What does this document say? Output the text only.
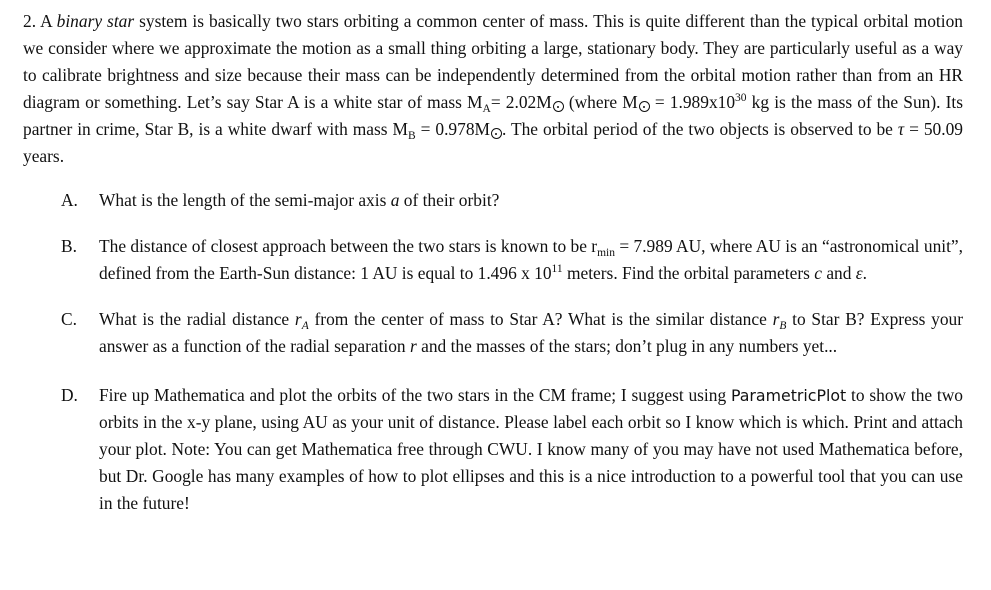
2. A binary star system is basically two stars orbiting a common center of mass. This is quite different than the typical orbital motion we consider where we approximate the motion as a small thing orbiting a large, stationary body. They are particularly useful as a way to calibrate brightness and size because their mass can be independently determined from the orbital motion rather than from an HR diagram or something. Let’s say Star A is a white star of mass $M_A= 2.02M$ (where $M = 1.989x10^{30}$ kg is the mass of the Sun). Its partner in crime, Star B, is a white dwarf with mass $M_B = 0.978M$ . The orbital period of the two objects is observed to be τ = 50.09 years.

A. What is the length of the semi-major axis a of their orbit?
B. The distance of closest approach between the two stars is known to be $r_{min} = 7.989$ AU, where AU is an “astronomical unit”, defined from the Earth-Sun distance: 1 AU is equal to 1.496 x $10^{11}$ meters. Find the orbital parameters c and ε.
C. What is the radial distance $r_A$ from the center of mass to Star A? What is the similar distance $r_B$ to Star B? Express your answer as a function of the radial separation r and the masses of the stars; don’t plug in any numbers yet...
D. Fire up Mathematica and plot the orbits of the two stars in the CM frame; I suggest using ParametricPlot to show the two orbits in the x-y plane, using AU as your unit of distance. Please label each orbit so I know which is which. Print and attach your plot. Note: You can get Mathematica free through CWU. I know many of you may have not used Mathematica before, but Dr. Google has many examples of how to plot ellipses and this is a nice introduction to a powerful tool that you can use in the future!
